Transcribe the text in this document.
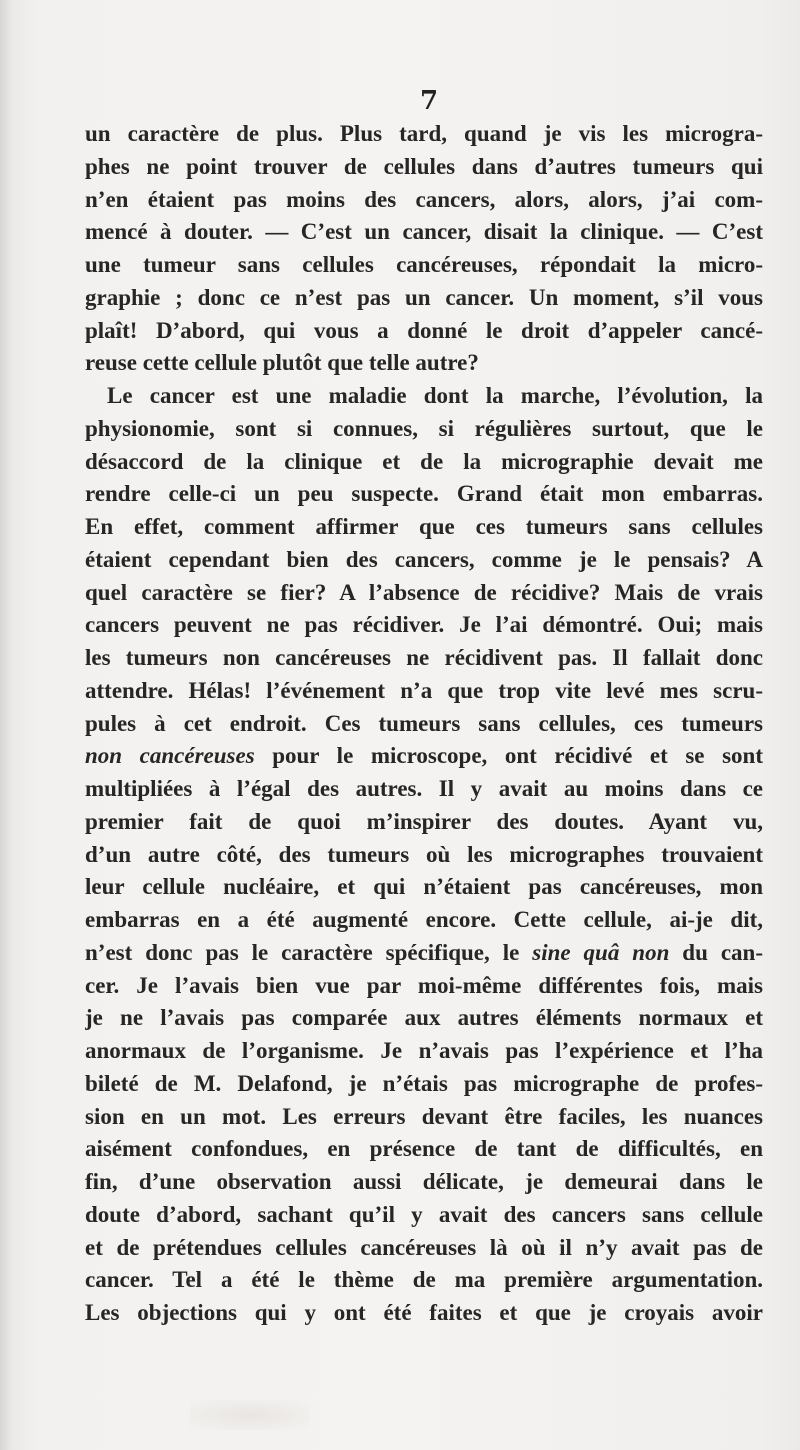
7
un caractère de plus. Plus tard, quand je vis les microgra-
phes ne point trouver de cellules dans d’autres tumeurs qui
n’en étaient pas moins des cancers, alors, alors, j’ai com-
mencé à douter. — C’est un cancer, disait la clinique. — C’est
une tumeur sans cellules cancéreuses, répondait la micro-
graphie ; donc ce n’est pas un cancer. Un moment, s’il vous
plaît! D’abord, qui vous a donné le droit d’appeler cancé-
reuse cette cellule plutôt que telle autre?
Le cancer est une maladie dont la marche, l’évolution, la
physionomie, sont si connues, si régulières surtout, que le
désaccord de la clinique et de la micrographie devait me
rendre celle-ci un peu suspecte. Grand était mon embarras.
En effet, comment affirmer que ces tumeurs sans cellules
étaient cependant bien des cancers, comme je le pensais? A
quel caractère se fier? A l’absence de récidive? Mais de vrais
cancers peuvent ne pas récidiver. Je l’ai démontré. Oui; mais
les tumeurs non cancéreuses ne récidivent pas. Il fallait donc
attendre. Hélas! l’événement n’a que trop vite levé mes scru-
pules à cet endroit. Ces tumeurs sans cellules, ces tumeurs
non cancéreuses pour le microscope, ont récidivé et se sont
multipliées à l’égal des autres. Il y avait au moins dans ce
premier fait de quoi m’inspirer des doutes. Ayant vu,
d’un autre côté, des tumeurs où les micrographes trouvaient
leur cellule nucléaire, et qui n’étaient pas cancéreuses, mon
embarras en a été augmenté encore. Cette cellule, ai-je dit,
n’est donc pas le caractère spécifique, le sine quâ non du can-
cer. Je l’avais bien vue par moi-même différentes fois, mais
je ne l’avais pas comparée aux autres éléments normaux et
anormaux de l’organisme. Je n’avais pas l’expérience et l’ha
bileté de M. Delafond, je n’étais pas micrographe de profes-
sion en un mot. Les erreurs devant être faciles, les nuances
aisément confondues, en présence de tant de difficultés, en
fin, d’une observation aussi délicate, je demeurai dans le
doute d’abord, sachant qu’il y avait des cancers sans cellule
et de prétendues cellules cancéreuses là où il n’y avait pas de
cancer. Tel a été le thème de ma première argumentation.
Les objections qui y ont été faites et que je croyais avoir
